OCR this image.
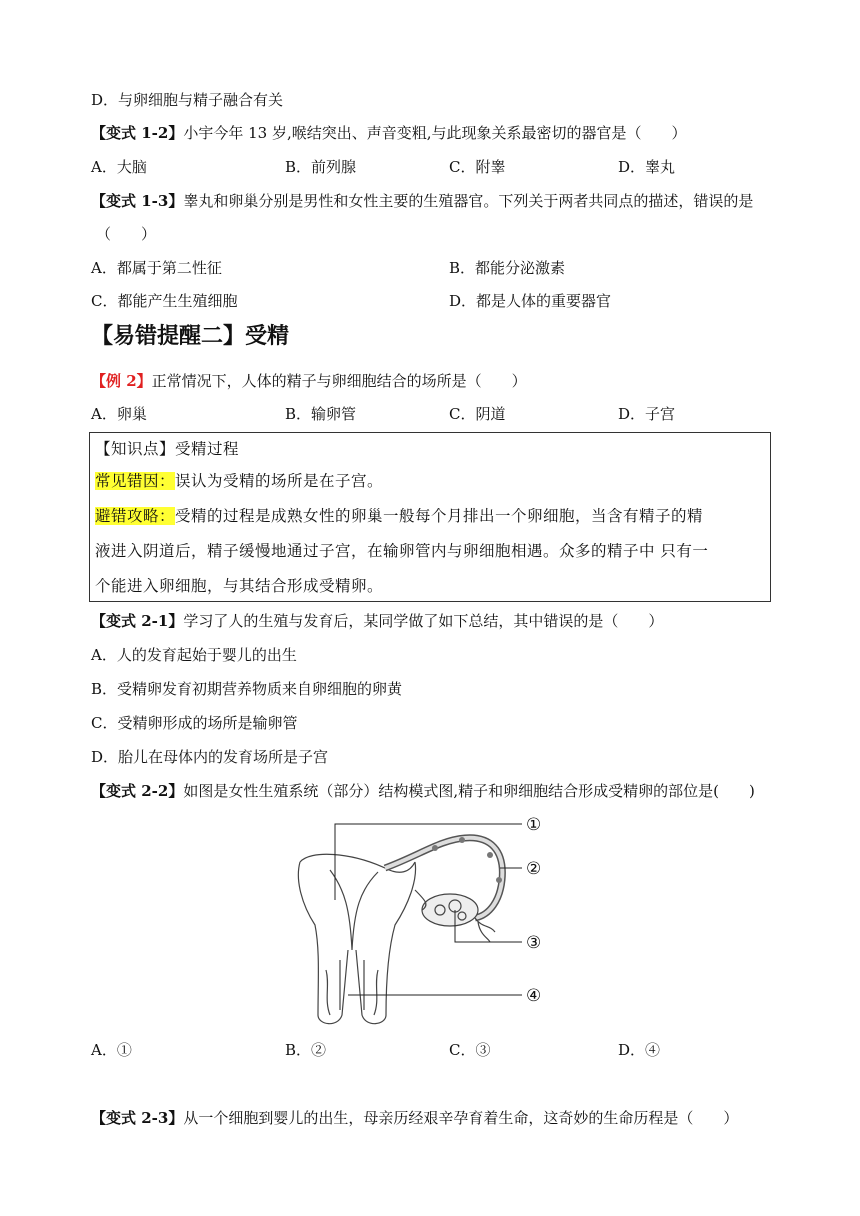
D．与卵细胞与精子融合有关
【变式 1-2】小宇今年 13 岁,喉结突出、声音变粗,与此现象关系最密切的器官是（　　）
A．大脑	B．前列腺	C．附睾	D．睾丸
【变式 1-3】睾丸和卵巢分别是男性和女性主要的生殖器官。下列关于两者共同点的描述，错误的是
（　　）
A．都属于第二性征	B．都能分泌激素
C．都能产生生殖细胞	D．都是人体的重要器官
【易错提醒二】受精
【例 2】正常情况下，人体的精子与卵细胞结合的场所是（　　）
A．卵巢	B．输卵管	C．阴道	D．子宫
【知识点】受精过程
常见错因：误认为受精的场所是在子宫。
避错攻略：受精的过程是成熟女性的卵巢一般每个月排出一个卵细胞，当含有精子的精
液进入阴道后，精子缓慢地通过子宫，在输卵管内与卵细胞相遇。众多的精子中 只有一
个能进入卵细胞，与其结合形成受精卵。
【变式 2-1】学习了人的生殖与发育后，某同学做了如下总结，其中错误的是（　　）
A．人的发育起始于婴儿的出生
B．受精卵发育初期营养物质来自卵细胞的卵黄
C．受精卵形成的场所是输卵管
D．胎儿在母体内的发育场所是子宫
【变式 2-2】如图是女性生殖系统（部分）结构模式图,精子和卵细胞结合形成受精卵的部位是(　　)
①
②
③
④
A．①	B．②	C．③	D．④
【变式 2-3】从一个细胞到婴儿的出生，母亲历经艰辛孕育着生命，这奇妙的生命历程是（　　）
